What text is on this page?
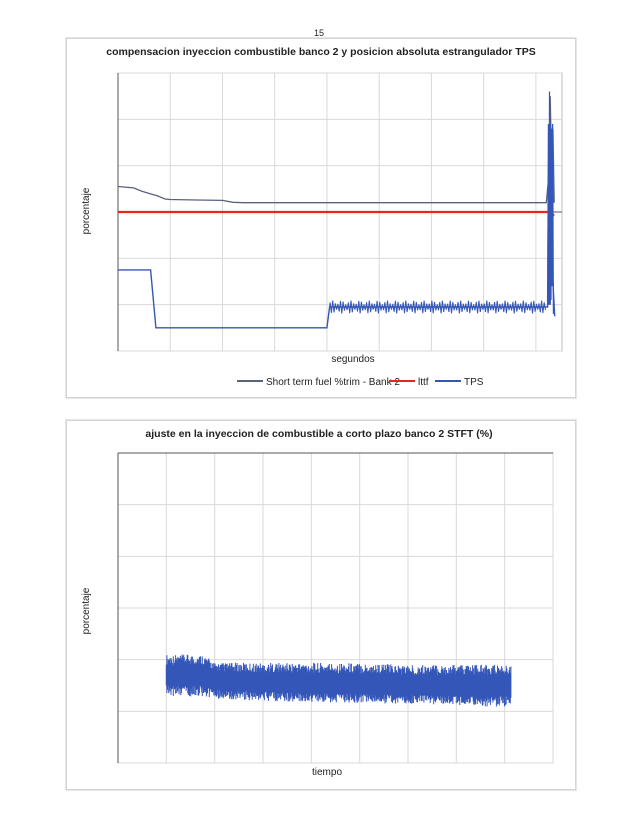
15
compensacion inyeccion combustible banco 2 y posicion absoluta estrangulador TPS
segundos
porcentaje
Short term fuel %trim - Bank 2 lttf	TPS
ajuste en la inyeccion de combustible a corto plazo banco 2 STFT (%)
tiempo
porcentaje
